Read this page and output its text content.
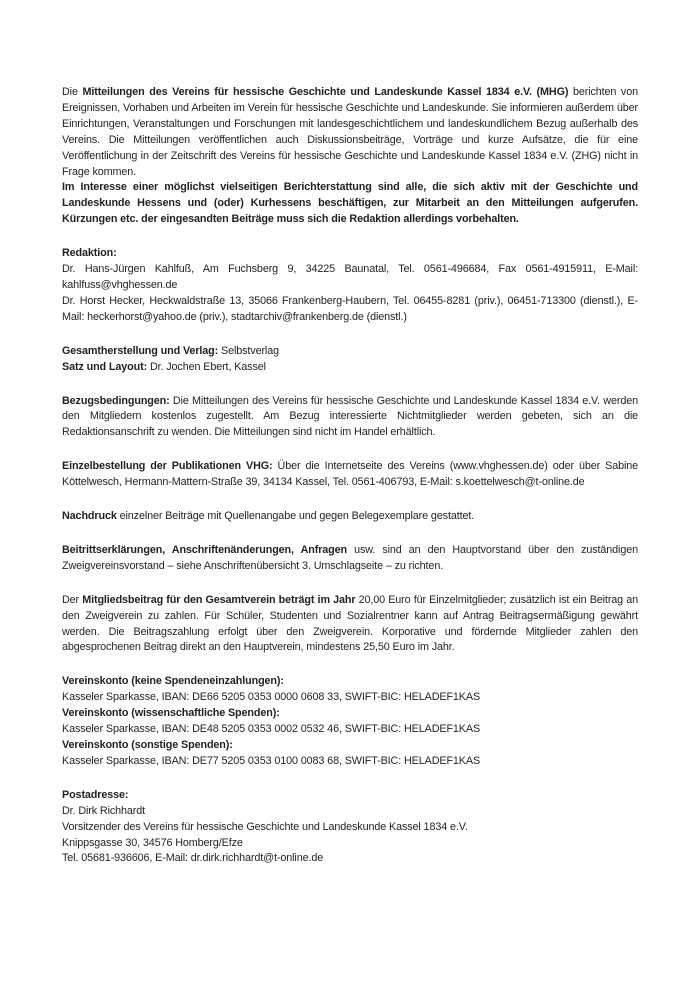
Die Mitteilungen des Vereins für hessische Geschichte und Landeskunde Kassel 1834 e.V. (MHG) berichten von Ereignissen, Vorhaben und Arbeiten im Verein für hessische Geschichte und Landeskunde. Sie informieren außerdem über Einrichtungen, Veranstaltungen und Forschungen mit landesgeschichtlichem und landeskundlichem Bezug außerhalb des Vereins. Die Mitteilungen veröffentlichen auch Diskussionsbeiträge, Vorträge und kurze Aufsätze, die für eine Veröffentlichung in der Zeitschrift des Vereins für hessische Geschichte und Landeskunde Kassel 1834 e.V. (ZHG) nicht in Frage kommen.

Im Interesse einer möglichst vielseitigen Berichterstattung sind alle, die sich aktiv mit der Geschichte und Landeskunde Hessens und (oder) Kurhessens beschäftigen, zur Mitarbeit an den Mitteilungen aufgerufen. Kürzungen etc. der eingesandten Beiträge muss sich die Redaktion allerdings vorbehalten.

Redaktion:

Dr. Hans-Jürgen Kahlfuß, Am Fuchsberg 9, 34225 Baunatal, Tel. 0561-496684, Fax 0561-4915911, E-Mail: kahlfuss@vhghessen.de

Dr. Horst Hecker, Heckwaldstraße 13, 35066 Frankenberg-Haubern, Tel. 06455-8281 (priv.), 06451-713300 (dienstl.), E-Mail: heckerhorst@yahoo.de (priv.), stadtarchiv@frankenberg.de (dienstl.)

Gesamtherstellung und Verlag: Selbstverlag

Satz und Layout: Dr. Jochen Ebert, Kassel

Bezugsbedingungen: Die Mitteilungen des Vereins für hessische Geschichte und Landeskunde Kassel 1834 e.V. werden den Mitgliedern kostenlos zugestellt. Am Bezug interessierte Nichtmitglieder werden gebeten, sich an die Redaktionsanschrift zu wenden. Die Mitteilungen sind nicht im Handel erhältlich.

Einzelbestellung der Publikationen VHG: Über die Internetseite des Vereins (www.vhghessen.de) oder über Sabine Köttelwesch, Hermann-Mattern-Straße 39, 34134 Kassel, Tel. 0561-406793, E-Mail: s.koettelwesch@t-online.de

Nachdruck einzelner Beiträge mit Quellenangabe und gegen Belegexemplare gestattet.

Beitrittserklärungen, Anschriftenänderungen, Anfragen usw. sind an den Hauptvorstand über den zuständigen Zweigvereinsvorstand – siehe Anschriftenübersicht 3. Umschlagseite – zu richten.

Der Mitgliedsbeitrag für den Gesamtverein beträgt im Jahr 20,00 Euro für Einzelmitglieder; zusätzlich ist ein Beitrag an den Zweigverein zu zahlen. Für Schüler, Studenten und Sozialrentner kann auf Antrag Beitragsermäßigung gewährt werden. Die Beitragszahlung erfolgt über den Zweigverein. Korporative und fördernde Mitglieder zahlen den abgesprochenen Beitrag direkt an den Hauptverein, mindestens 25,50 Euro im Jahr.

Vereinskonto (keine Spendeneinzahlungen):

Kasseler Sparkasse, IBAN: DE66 5205 0353 0000 0608 33, SWIFT-BIC: HELADEF1KAS

Vereinskonto (wissenschaftliche Spenden):

Kasseler Sparkasse, IBAN: DE48 5205 0353 0002 0532 46, SWIFT-BIC: HELADEF1KAS

Vereinskonto (sonstige Spenden):

Kasseler Sparkasse, IBAN: DE77 5205 0353 0100 0083 68, SWIFT-BIC: HELADEF1KAS

Postadresse:

Dr. Dirk Richhardt

Vorsitzender des Vereins für hessische Geschichte und Landeskunde Kassel 1834 e.V.

Knippsgasse 30, 34576 Homberg/Efze

Tel. 05681-936606, E-Mail: dr.dirk.richhardt@t-online.de
